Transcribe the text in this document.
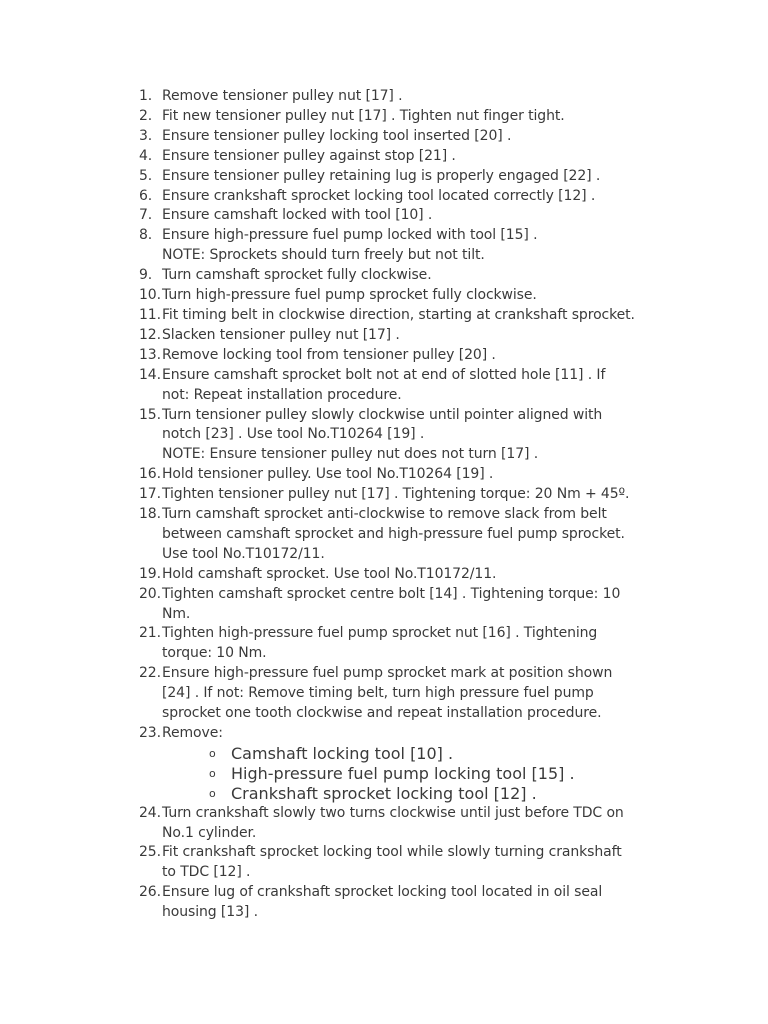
1. Remove tensioner pulley nut [17] .
2. Fit new tensioner pulley nut [17] . Tighten nut finger tight.
3. Ensure tensioner pulley locking tool inserted [20] .
4. Ensure tensioner pulley against stop [21] .
5. Ensure tensioner pulley retaining lug is properly engaged [22] .
6. Ensure crankshaft sprocket locking tool located correctly [12] .
7. Ensure camshaft locked with tool [10] .
8. Ensure high-pressure fuel pump locked with tool [15] .
NOTE: Sprockets should turn freely but not tilt.
9. Turn camshaft sprocket fully clockwise.
10. Turn high-pressure fuel pump sprocket fully clockwise.
11. Fit timing belt in clockwise direction, starting at crankshaft sprocket.
12. Slacken tensioner pulley nut [17] .
13. Remove locking tool from tensioner pulley [20] .
14. Ensure camshaft sprocket bolt not at end of slotted hole [11] . If
not: Repeat installation procedure.
15. Turn tensioner pulley slowly clockwise until pointer aligned with
notch [23] . Use tool No.T10264 [19] .
NOTE: Ensure tensioner pulley nut does not turn [17] .
16. Hold tensioner pulley. Use tool No.T10264 [19] .
17. Tighten tensioner pulley nut [17] . Tightening torque: 20 Nm + 45º.
18. Turn camshaft sprocket anti-clockwise to remove slack from belt
between camshaft sprocket and high-pressure fuel pump sprocket.
Use tool No.T10172/11.
19. Hold camshaft sprocket. Use tool No.T10172/11.
20. Tighten camshaft sprocket centre bolt [14] . Tightening torque: 10
Nm.
21. Tighten high-pressure fuel pump sprocket nut [16] . Tightening
torque: 10 Nm.
22. Ensure high-pressure fuel pump sprocket mark at position shown
[24] . If not: Remove timing belt, turn high pressure fuel pump
sprocket one tooth clockwise and repeat installation procedure.
23. Remove:
o Camshaft locking tool [10] .
o High-pressure fuel pump locking tool [15] .
o Crankshaft sprocket locking tool [12] .
24. Turn crankshaft slowly two turns clockwise until just before TDC on
No.1 cylinder.
25. Fit crankshaft sprocket locking tool while slowly turning crankshaft
to TDC [12] .
26. Ensure lug of crankshaft sprocket locking tool located in oil seal
housing [13] .
